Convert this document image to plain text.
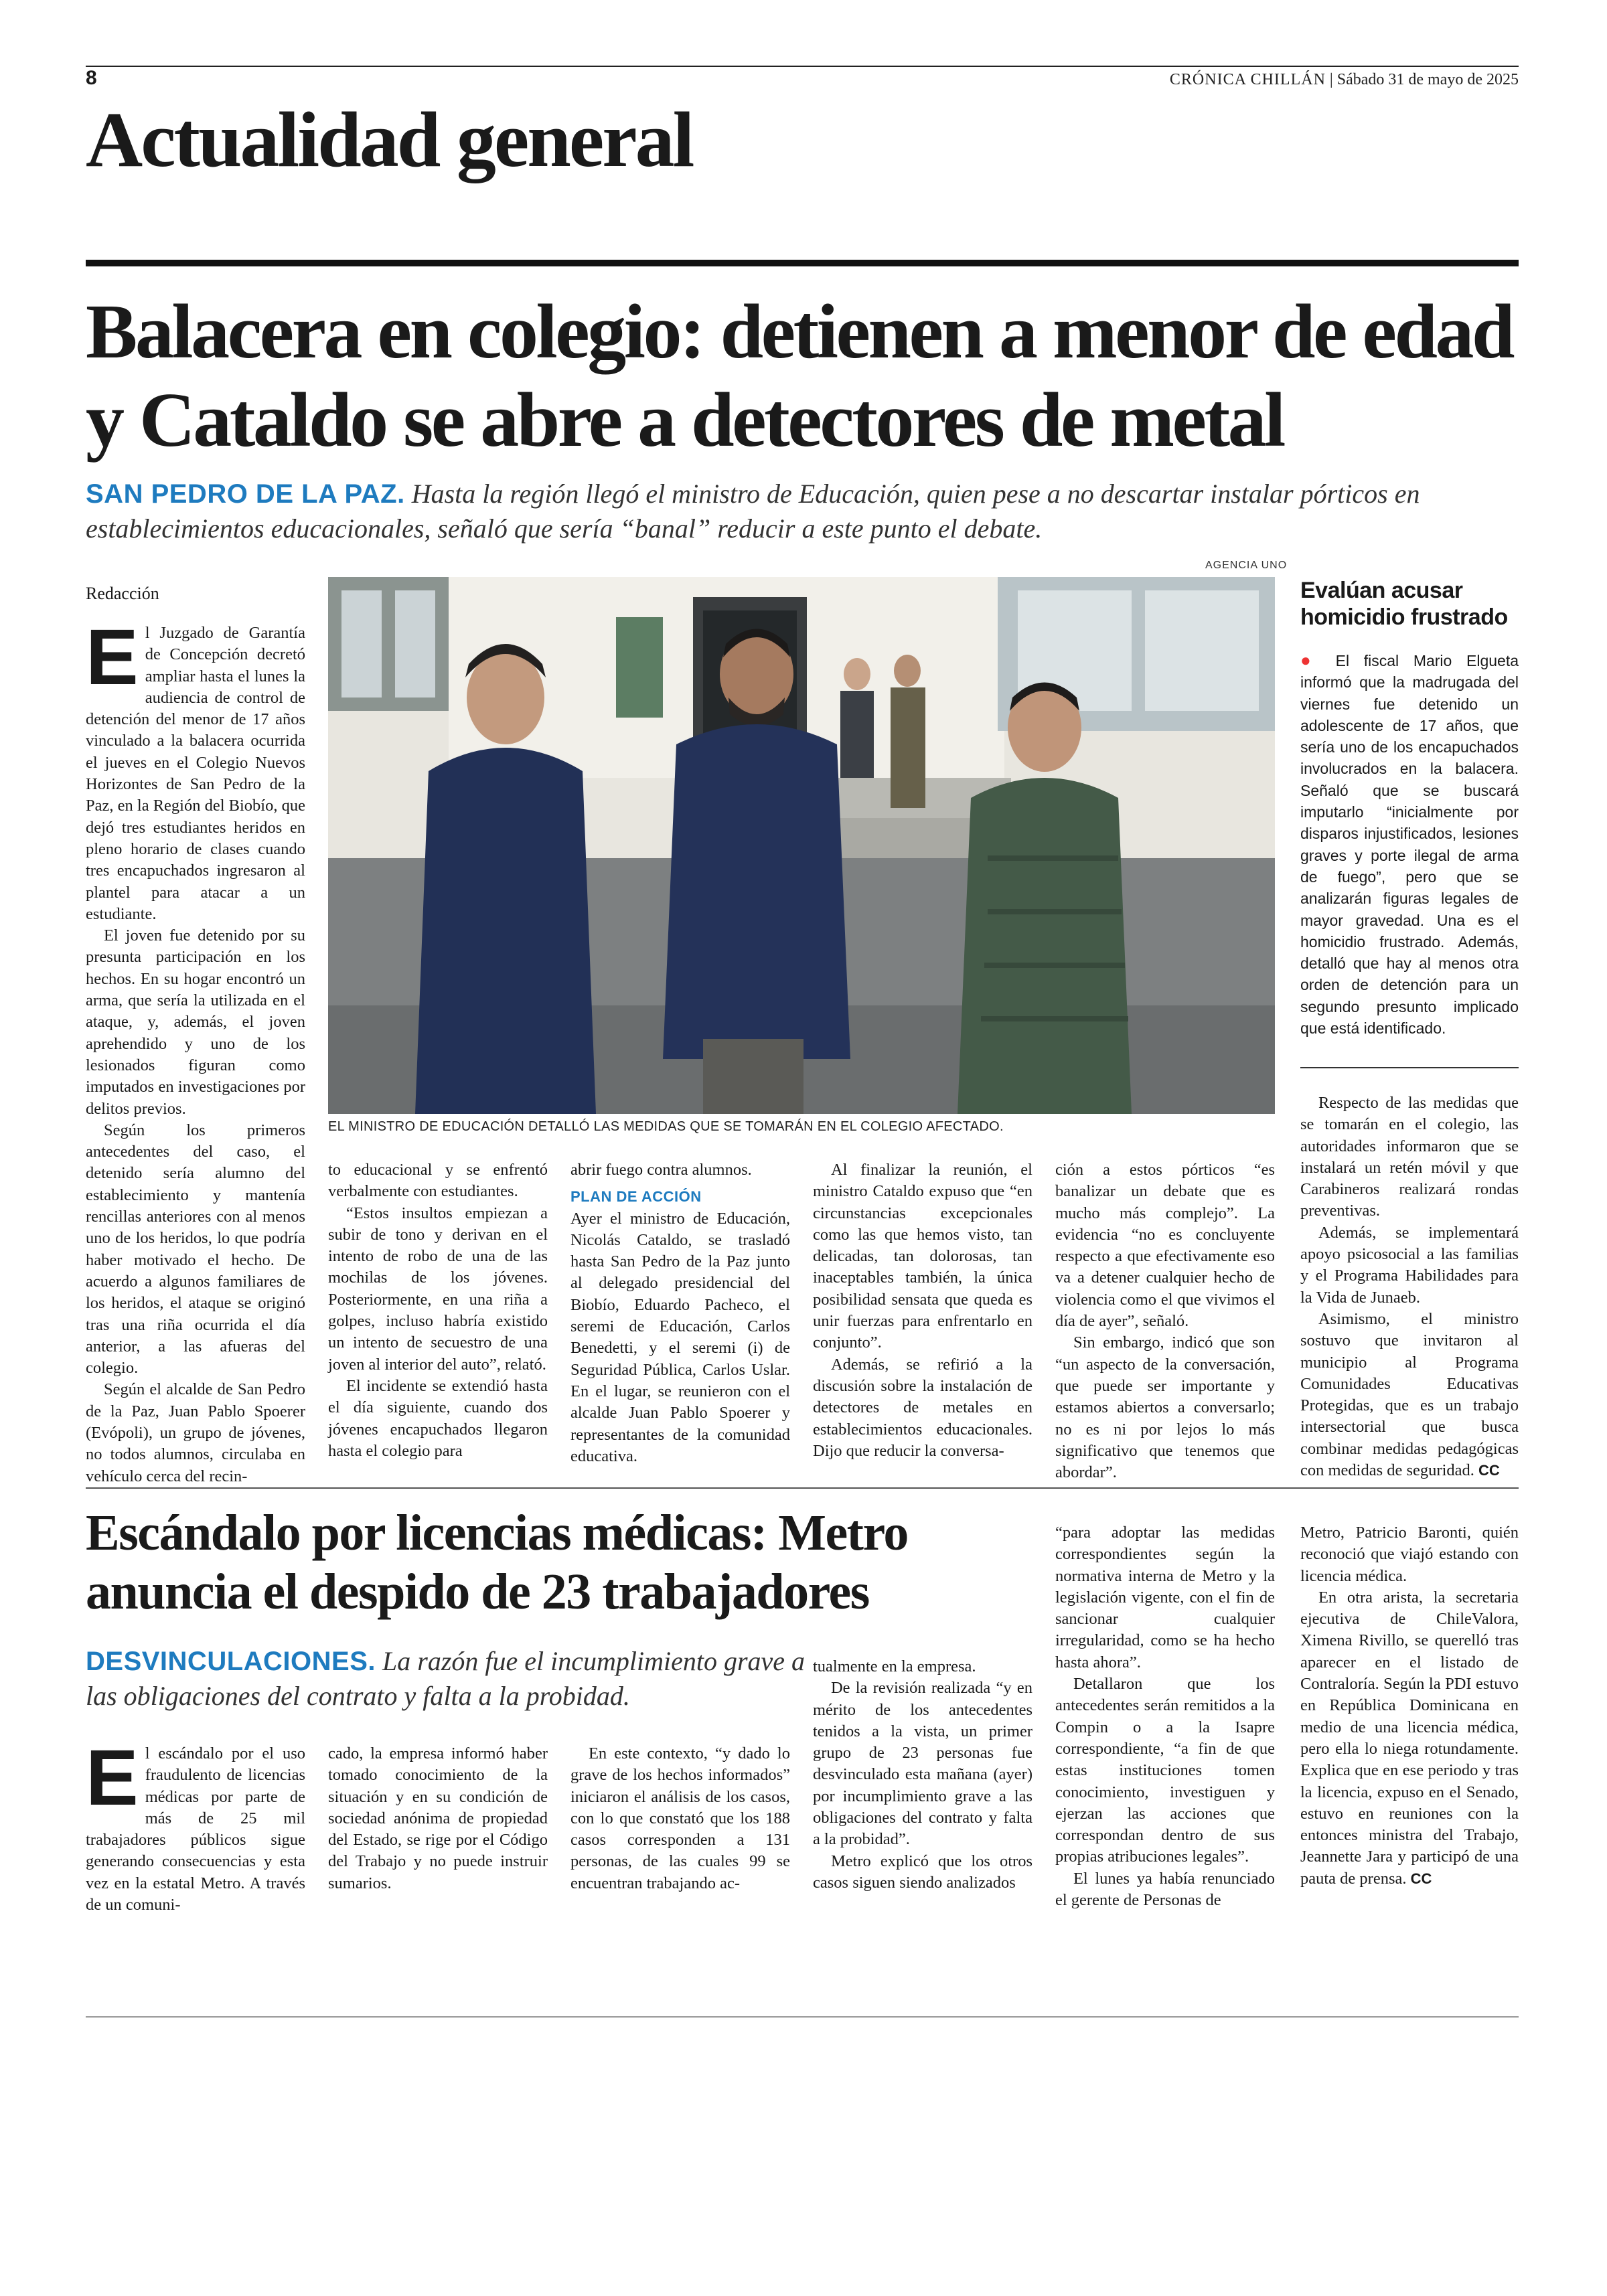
8	CRÓNICA CHILLÁN | Sábado 31 de mayo de 2025
Actualidad general
Balacera en colegio: detienen a menor de edad y Cataldo se abre a detectores de metal
SAN PEDRO DE LA PAZ. Hasta la región llegó el ministro de Educación, quien pese a no descartar instalar pórticos en establecimientos educacionales, señaló que sería “banal” reducir a este punto el debate.
Redacción
AGENCIA UNO

El Juzgado de Garantía de Concepción decretó ampliar hasta el lunes la audiencia de control de detención del menor de 17 años vinculado a la balacera ocurrida el jueves en el Colegio Nuevos Horizontes de San Pedro de la Paz, en la Región del Biobío, que dejó tres estudiantes heridos en pleno horario de clases cuando tres encapuchados ingresaron al plantel para atacar a un estudiante.

El joven fue detenido por su presunta participación en los hechos. En su hogar encontró un arma, que sería la utilizada en el ataque, y, además, el joven aprehendido y uno de los lesionados figuran como imputados en investigaciones por delitos previos.

Según los primeros antecedentes del caso, el detenido sería alumno del establecimiento y mantenía rencillas anteriores con al menos uno de los heridos, lo que podría haber motivado el hecho. De acuerdo a algunos familiares de los heridos, el ataque se originó tras una riña ocurrida el día anterior, a las afueras del colegio.

Según el alcalde de San Pedro de la Paz, Juan Pablo Spoerer (Evópoli), un grupo de jóvenes, no todos alumnos, circulaba en vehículo cerca del recin-

EL MINISTRO DE EDUCACIÓN DETALLÓ LAS MEDIDAS QUE SE TOMARÁN EN EL COLEGIO AFECTADO.
Evalúan acusar homicidio frustrado
● El fiscal Mario Elgueta informó que la madrugada del viernes fue detenido un adolescente de 17 años, que sería uno de los encapuchados involucrados en la balacera. Señaló que se buscará imputarlo “inicialmente por disparos injustificados, lesiones graves y porte ilegal de arma de fuego”, pero que se analizarán figuras legales de mayor gravedad. Una es el homicidio frustrado. Además, detalló que hay al menos otra orden de detención para un segundo presunto implicado que está identificado.

to educacional y se enfrentó verbalmente con estudiantes.

“Estos insultos empiezan a subir de tono y derivan en el intento de robo de una de las mochilas de los jóvenes. Posteriormente, en una riña a golpes, incluso habría existido un intento de secuestro de una joven al interior del auto”, relató.

El incidente se extendió hasta el día siguiente, cuando dos jóvenes encapuchados llegaron hasta el colegio para

abrir fuego contra alumnos.

PLAN DE ACCIÓN

Ayer el ministro de Educación, Nicolás Cataldo, se trasladó hasta San Pedro de la Paz junto al delegado presidencial del Biobío, Eduardo Pacheco, el seremi de Educación, Carlos Benedetti, y el seremi (i) de Seguridad Pública, Carlos Uslar. En el lugar, se reunieron con el alcalde Juan Pablo Spoerer y representantes de la comunidad educativa.

Al finalizar la reunión, el ministro Cataldo expuso que “en circunstancias excepcionales como las que hemos visto, tan delicadas, tan dolorosas, tan inaceptables también, la única posibilidad sensata que queda es unir fuerzas para enfrentarlo en conjunto”.

Además, se refirió a la discusión sobre la instalación de detectores de metales en establecimientos educacionales. Dijo que reducir la conversa-

ción a estos pórticos “es banalizar un debate que es mucho más complejo”. La evidencia “no es concluyente respecto a que efectivamente eso va a detener cualquier hecho de violencia como el que vivimos el día de ayer”, señaló.

Sin embargo, indicó que son “un aspecto de la conversación, que puede ser importante y estamos abiertos a conversarlo; no es ni por lejos lo más significativo que tenemos que abordar”.

Respecto de las medidas que se tomarán en el colegio, las autoridades informaron que se instalará un retén móvil y que Carabineros realizará rondas preventivas.

Además, se implementará apoyo psicosocial a las familias y el Programa Habilidades para la Vida de Junaeb.

Asimismo, el ministro sostuvo que invitaron al municipio al Programa Comunidades Educativas Protegidas, que es un trabajo intersectorial que busca combinar medidas pedagógicas con medidas de seguridad. CC

Escándalo por licencias médicas: Metro anuncia el despido de 23 trabajadores
DESVINCULACIONES. La razón fue el incumplimiento grave a las obligaciones del contrato y falta a la probidad.

El escándalo por el uso fraudulento de licencias médicas por parte de más de 25 mil trabajadores públicos sigue generando consecuencias y esta vez en la estatal Metro. A través de un comuni-

cado, la empresa informó haber tomado conocimiento de la situación y en su condición de sociedad anónima de propiedad del Estado, se rige por el Código del Trabajo y no puede instruir sumarios.

En este contexto, “y dado lo grave de los hechos informados” iniciaron el análisis de los casos, con lo que constató que los 188 casos corresponden a 131 personas, de las cuales 99 se encuentran trabajando ac-

tualmente en la empresa.

De la revisión realizada “y en mérito de los antecedentes tenidos a la vista, un primer grupo de 23 personas fue desvinculado esta mañana (ayer) por incumplimiento grave a las obligaciones del contrato y falta a la probidad”.

Metro explicó que los otros casos siguen siendo analizados

“para adoptar las medidas correspondientes según la normativa interna de Metro y la legislación vigente, con el fin de sancionar cualquier irregularidad, como se ha hecho hasta ahora”.

Detallaron que los antecedentes serán remitidos a la Compin o a la Isapre correspondiente, “a fin de que estas instituciones tomen conocimiento, investiguen y ejerzan las acciones que correspondan dentro de sus propias atribuciones legales”.

El lunes ya había renunciado el gerente de Personas de

Metro, Patricio Baronti, quién reconoció que viajó estando con licencia médica.

En otra arista, la secretaria ejecutiva de ChileValora, Ximena Rivillo, se querelló tras aparecer en el listado de Contraloría. Según la PDI estuvo en República Dominicana en medio de una licencia médica, pero ella lo niega rotundamente. Explica que en ese periodo y tras la licencia, expuso en el Senado, estuvo en reuniones con la entonces ministra del Trabajo, Jeannette Jara y participó de una pauta de prensa. CC
